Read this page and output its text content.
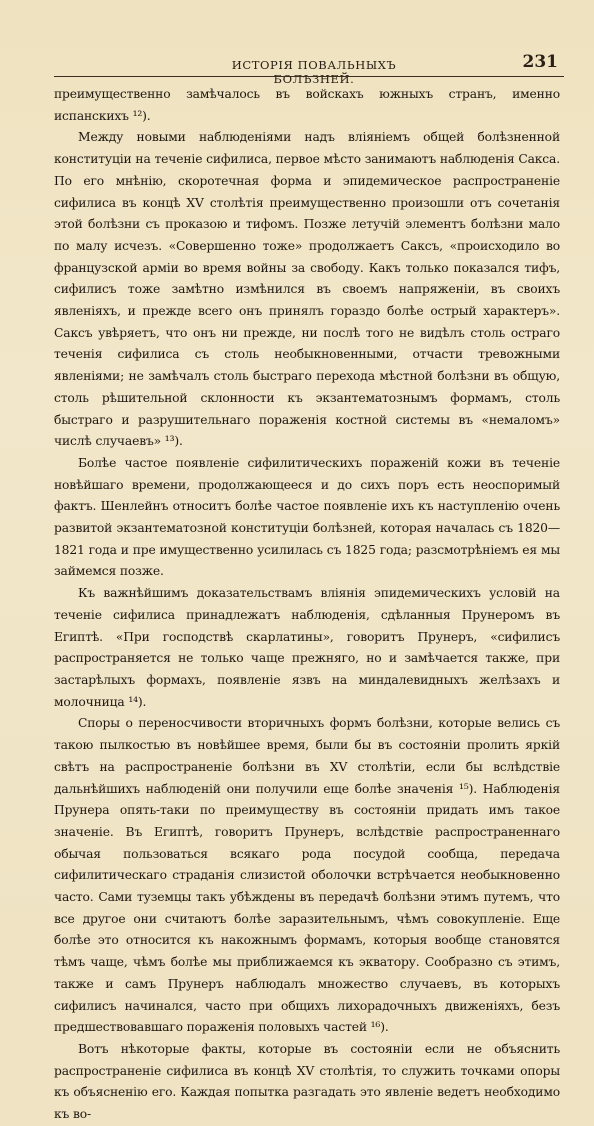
ИСТОРІЯ ПОВАЛЬНЫХЪ БОЛѢЗНЕЙ.
231

преимущественно замѣчалось въ войскахъ южныхъ странъ, именно испанскихъ ¹²).

Между новыми наблюденіями надъ вліяніемъ общей болѣзненной конституціи на теченіе сифилиса, первое мѣсто занимаютъ наблюденія Сакса. По его мнѣнію, скоротечная форма и эпидемическое распространеніе сифилиса въ концѣ XV столѣтія преимущественно произошли отъ сочетанія этой болѣзни съ проказою и тифомъ. Позже летучій элементъ болѣзни мало по малу исчезъ. «Совершенно тоже» продолжаетъ Саксъ, «происходило во французской арміи во время войны за свободу. Какъ только показался тифъ, сифилисъ тоже замѣтно измѣнился въ своемъ напряженіи, въ своихъ явленіяхъ, и прежде всего онъ принялъ гораздо болѣе острый характеръ». Саксъ увѣряетъ, что онъ ни прежде, ни послѣ того не видѣлъ столь остраго теченія сифилиса съ столь необыкновенными, отчасти тревожными явленіями; не замѣчалъ столь быстраго перехода мѣстной болѣзни въ общую, столь рѣшительной склонности къ экзантематознымъ формамъ, столь быстраго и разрушительнаго пораженія костной системы въ «немаломъ» числѣ случаевъ» ¹³).

Болѣе частое появленіе сифилитическихъ пораженій кожи въ теченіе новѣйшаго времени, продолжающееся и до сихъ поръ есть неоспоримый фактъ. Шенлейнъ относитъ болѣе частое появленіе ихъ къ наступленію очень развитой экзантематозной конституціи болѣзней, которая началась съ 1820—1821 года и пре имущественно усилилась съ 1825 года; разсмотрѣніемъ ея мы займемся позже.

Къ важнѣйшимъ доказательствамъ вліянія эпидемическихъ условій на теченіе сифилиса принадлежатъ наблюденія, сдѣланныя Прунеромъ въ Египтѣ. «При господствѣ скарлатины», говоритъ Прунеръ, «сифилисъ распространяется не только чаще прежняго, но и замѣчается также, при застарѣлыхъ формахъ, появленіе язвъ на миндалевидныхъ желѣзахъ и молочница ¹⁴).

Споры о переносчивости вторичныхъ формъ болѣзни, которые велись съ такою пылкостью въ новѣйшее время, были бы въ состояніи пролить яркій свѣтъ на распространеніе болѣзни въ XV столѣтіи, если бы вслѣдствіе дальнѣйшихъ наблюденій они получили еще болѣе значенія ¹⁵). Наблюденія Прунера опять-таки по преимуществу въ состояніи придать имъ такое значеніе. Въ Египтѣ, говоритъ Прунеръ, вслѣдствіе распространеннаго обычая пользоваться всякаго рода посудой сообща, передача сифилитическаго страданія слизистой оболочки встрѣчается необыкновенно часто. Сами туземцы такъ убѣждены въ передачѣ болѣзни этимъ путемъ, что все другое они считаютъ болѣе заразительнымъ, чѣмъ совокупленіе. Еще болѣе это относится къ накожнымъ формамъ, которыя вообще становятся тѣмъ чаще, чѣмъ болѣе мы приближаемся къ экватору. Сообразно съ этимъ, также и самъ Прунеръ наблюдалъ множество случаевъ, въ которыхъ сифилисъ начинался, часто при общихъ лихорадочныхъ движеніяхъ, безъ предшествовавшаго пораженія половыхъ частей ¹⁶).

Вотъ нѣкоторые факты, которые въ состояніи если не объяснить распространеніе сифилиса въ концѣ XV столѣтія, то служить точками опоры къ объясненію его. Каждая попытка разгадать это явленіе ведетъ необходимо къ во-
